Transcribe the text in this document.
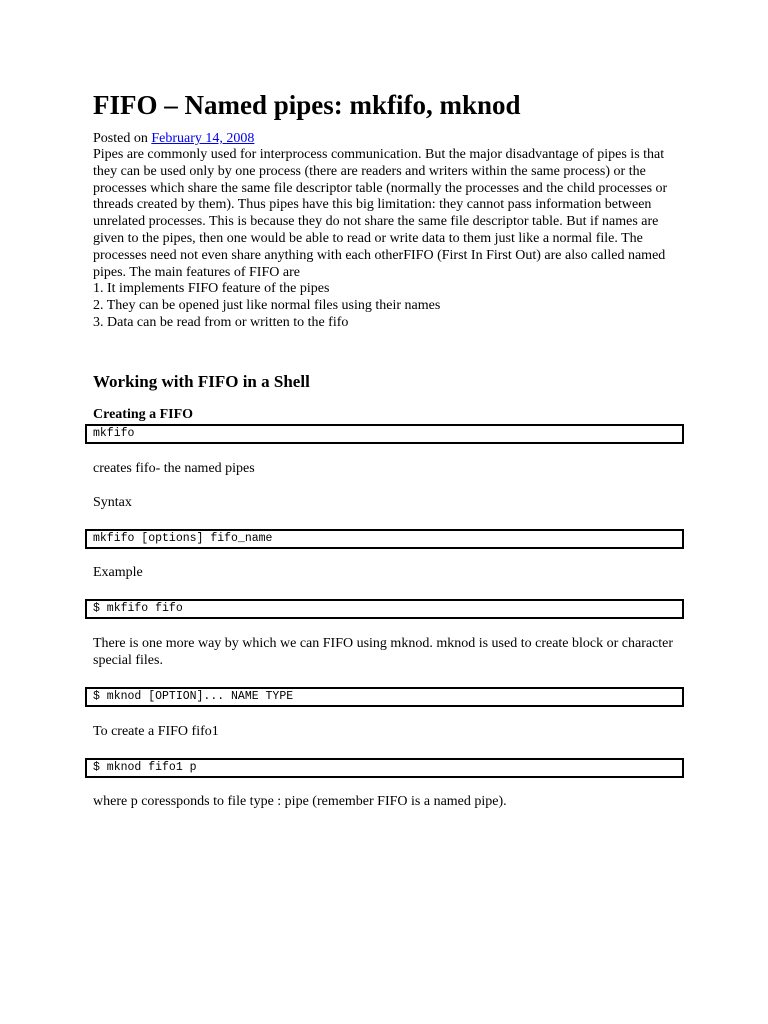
FIFO – Named pipes: mkfifo, mknod
Posted on February 14, 2008

Pipes are commonly used for interprocess communication. But the major disadvantage of pipes is that they can be used only by one process (there are readers and writers within the same process) or the processes which share the same file descriptor table (normally the processes and the child processes or threads created by them). Thus pipes have this big limitation: they cannot pass information between unrelated processes. This is because they do not share the same file descriptor table. But if names are given to the pipes, then one would be able to read or write data to them just like a normal file. The processes need not even share anything with each otherFIFO (First In First Out) are also called named pipes. The main features of FIFO are

1. It implements FIFO feature of the pipes
2. They can be opened just like normal files using their names
3. Data can be read from or written to the fifo
Working with FIFO in a Shell
Creating a FIFO
mkfifo

creates fifo- the named pipes

Syntax

mkfifo [options] fifo_name

Example

$ mkfifo fifo

There is one more way by which we can FIFO using mknod. mknod is used to create block or character special files.

$ mknod [OPTION]... NAME TYPE

To create a FIFO fifo1

$ mknod fifo1 p

where p coressponds to file type : pipe (remember FIFO is a named pipe).
